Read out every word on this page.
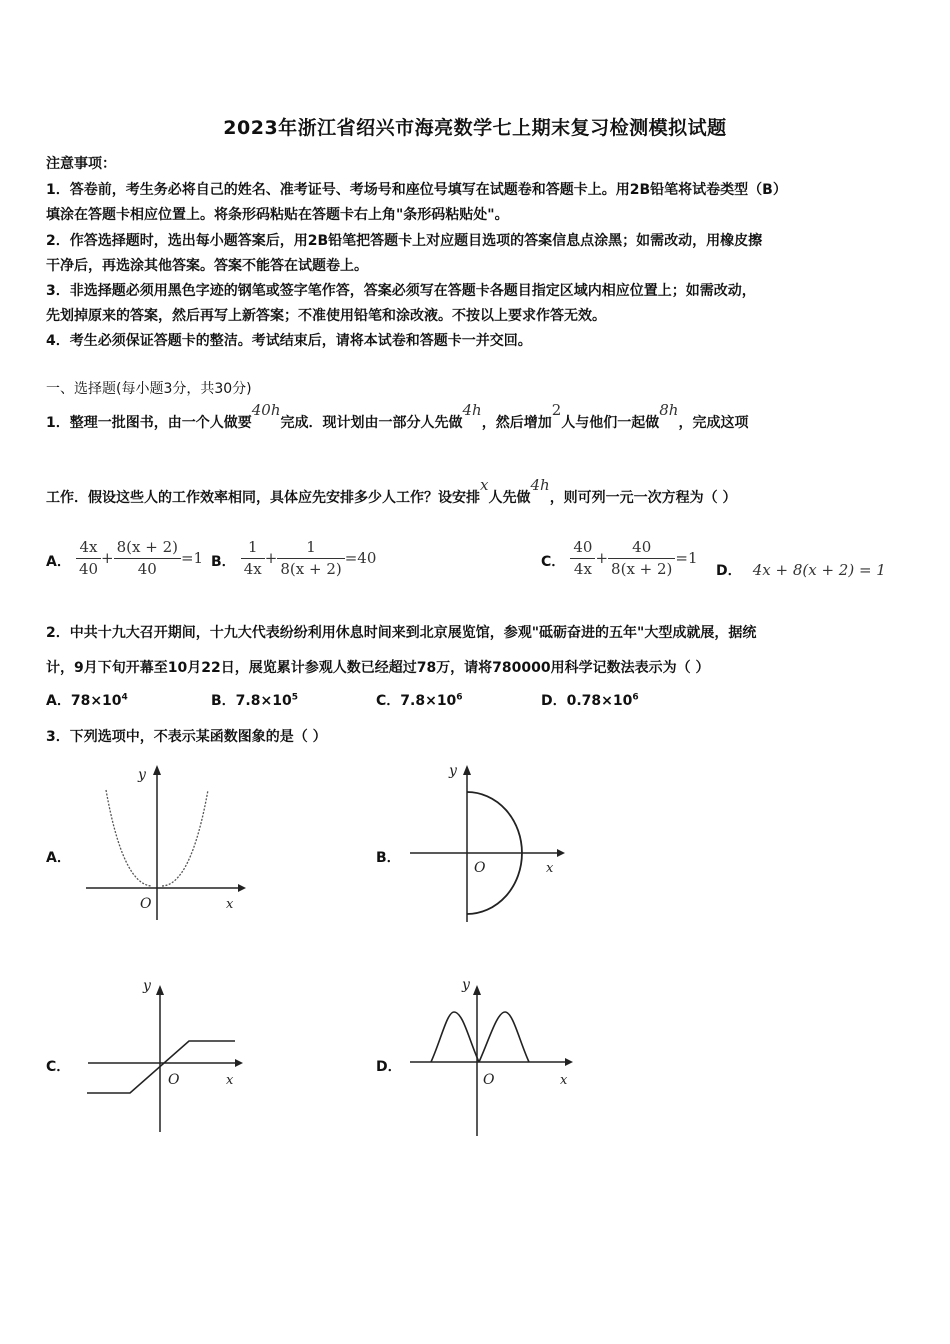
2023年浙江省绍兴市海亮数学七上期末复习检测模拟试题
注意事项：
1．答卷前，考生务必将自己的姓名、准考证号、考场号和座位号填写在试题卷和答题卡上。用2B铅笔将试卷类型（B）
填涂在答题卡相应位置上。将条形码粘贴在答题卡右上角"条形码粘贴处"。
2．作答选择题时，选出每小题答案后，用2B铅笔把答题卡上对应题目选项的答案信息点涂黑；如需改动，用橡皮擦
干净后，再选涂其他答案。答案不能答在试题卷上。
3．非选择题必须用黑色字迹的钢笔或签字笔作答，答案必须写在答题卡各题目指定区域内相应位置上；如需改动，
先划掉原来的答案，然后再写上新答案；不准使用铅笔和涂改液。不按以上要求作答无效。
4．考生必须保证答题卡的整洁。考试结束后，请将本试卷和答题卡一并交回。
一、选择题(每小题3分，共30分)
1．整理一批图书，由一个人做要40h完成．现计划由一部分人先做4h，然后增加2人与他们一起做8h，完成这项
工作．假设这些人的工作效率相同，具体应先安排多少人工作？设安排x人先做4h，则可列一元一次方程为（ ）
A． $\frac{4x}{40} + \frac{8(x + 2)}{40} =1$ B． $\frac{1}{4x} + \frac{1}{8(x + 2)} =40$	C． $\frac{40}{4x} + \frac{40}{8(x + 2)} =1$
D． 4x + 8(x + 2) = 1
2．中共十九大召开期间，十九大代表纷纷利用休息时间来到北京展览馆，参观"砥砺奋进的五年"大型成就展，据统
计，9月下旬开幕至10月22日，展览累计参观人数已经超过78万，请将780000用科学记数法表示为（ ）
A．$78\times 10^4$	B．$7.8\times 10^5$	C．$7.8\times 10^6$	D．$0.78\times 10^6$
3．下列选项中，不表示某函数图象的是（ ）
A．	B．
C．	D．
y
O	x
y
O	x
y
O	x
y
O	x
